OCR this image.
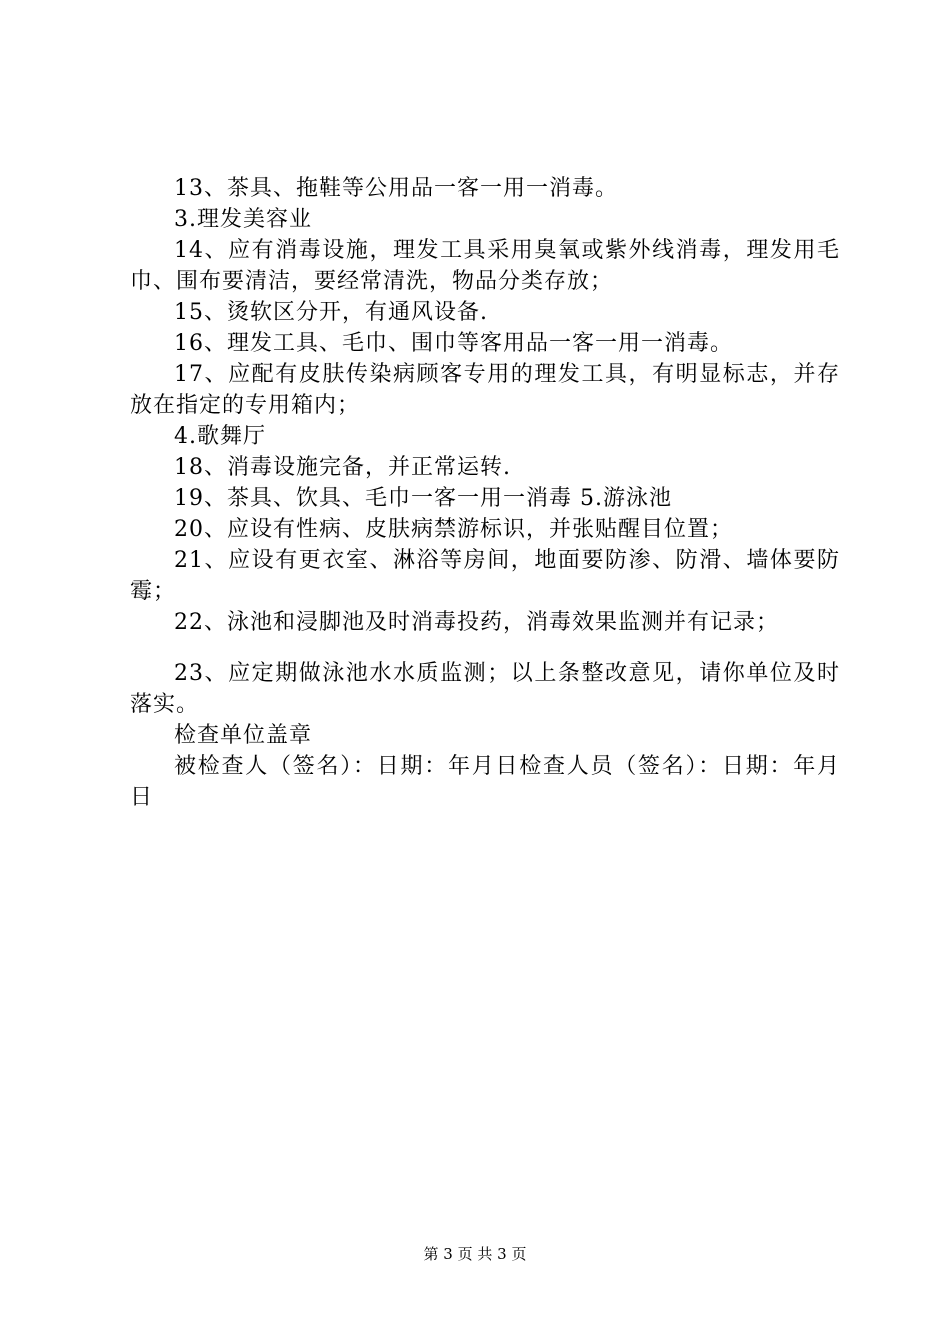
13、茶具、拖鞋等公用品一客一用一消毒。

3.理发美容业

14、应有消毒设施，理发工具采用臭氧或紫外线消毒，理发用毛巾、围布要清洁，要经常清洗，物品分类存放；

15、烫软区分开，有通风设备.

16、理发工具、毛巾、围巾等客用品一客一用一消毒。

17、应配有皮肤传染病顾客专用的理发工具，有明显标志，并存放在指定的专用箱内；

4.歌舞厅

18、消毒设施完备，并正常运转.

19、茶具、饮具、毛巾一客一用一消毒 5.游泳池

20、应设有性病、皮肤病禁游标识，并张贴醒目位置；

21、应设有更衣室、淋浴等房间，地面要防渗、防滑、墙体要防霉；

22、泳池和浸脚池及时消毒投药，消毒效果监测并有记录；

23、应定期做泳池水水质监测；以上条整改意见，请你单位及时落实。

检查单位盖章

被检查人（签名）：日期：年月日检查人员（签名）：日期：年月日

第 3 页 共 3 页
